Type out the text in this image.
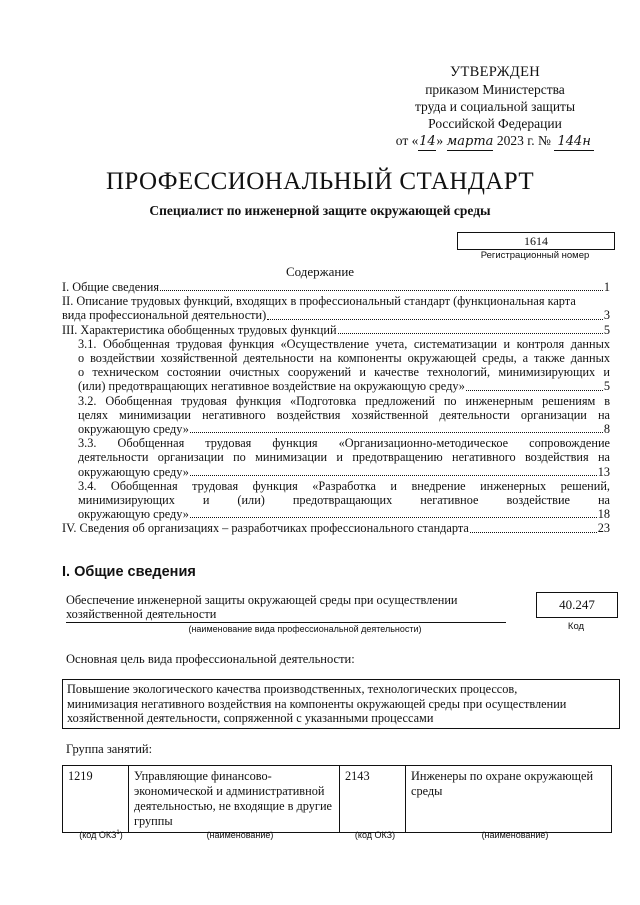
УТВЕРЖДЕН
приказом Министерства
труда и социальной защиты
Российской Федерации
от «14» марта 2023 г. № 144н
ПРОФЕССИОНАЛЬНЫЙ СТАНДАРТ
Специалист по инженерной защите окружающей среды
1614
Регистрационный номер
Содержание
I. Общие сведения	1
II. Описание трудовых функций, входящих в профессиональный стандарт (функциональная карта
вида профессиональной деятельности)	3
III. Характеристика обобщенных трудовых функций	5
3.1. Обобщенная трудовая функция «Осуществление учета, систематизации и контроля данных
о воздействии хозяйственной деятельности на компоненты окружающей среды, а также данных
о техническом состоянии очистных сооружений и качестве технологий, минимизирующих и
(или) предотвращающих негативное воздействие на окружающую среду»	5
3.2. Обобщенная трудовая функция «Подготовка предложений по инженерным решениям в
целях минимизации негативного воздействия хозяйственной деятельности организации на
окружающую среду»	8
3.3. Обобщенная трудовая функция «Организационно-методическое сопровождение
деятельности организации по минимизации и предотвращению негативного воздействия на
окружающую среду»	13
3.4. Обобщенная трудовая функция «Разработка и внедрение инженерных решений,
минимизирующих и (или) предотвращающих негативное воздействие на
окружающую среду»	18
IV. Сведения об организациях – разработчиках профессионального стандарта	23
I. Общие сведения
Обеспечение инженерной защиты окружающей среды при осуществлении
хозяйственной деятельности
(наименование вида профессиональной деятельности)
40.247
Код
Основная цель вида профессиональной деятельности:
Повышение экологического качества производственных, технологических процессов,
минимизация негативного воздействия на компоненты окружающей среды при осуществлении
хозяйственной деятельности, сопряженной с указанными процессами
Группа занятий:
1219	Управляющие финансово-экономической и административной деятельностью, не входящие в другие группы	2143	Инженеры по охране окружающей среды
(код ОКЗ$^1$)	(наименование)	(код ОКЗ)	(наименование)
